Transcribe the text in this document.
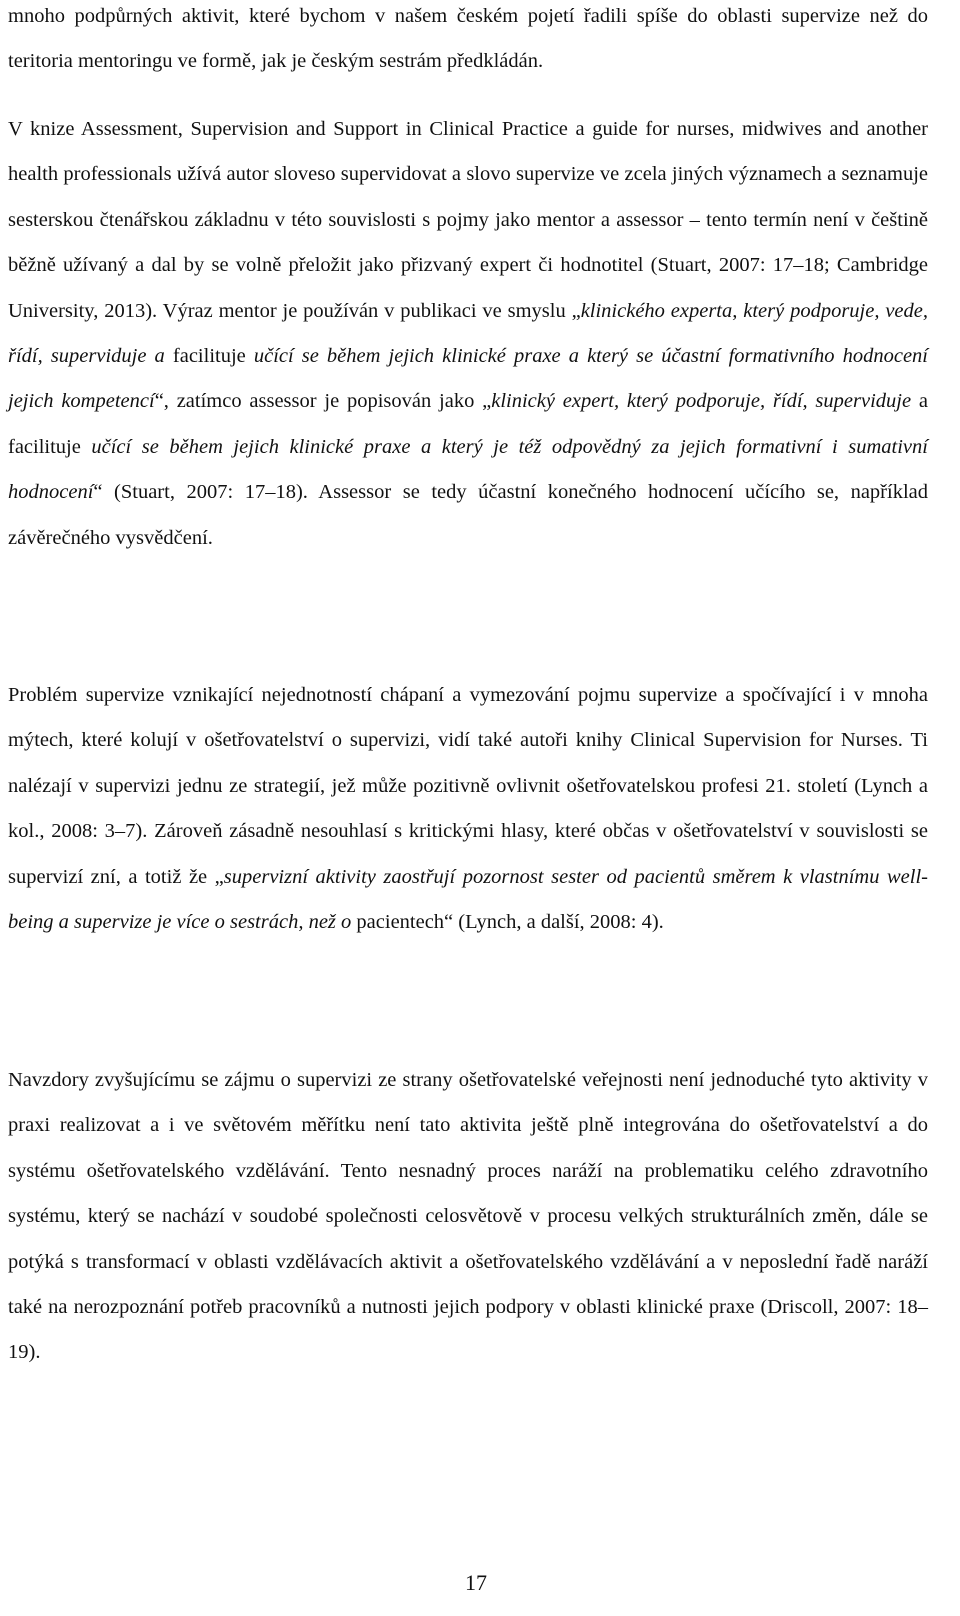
mnoho podpůrných aktivit, které bychom v našem českém pojetí řadili spíše do oblasti supervize než do teritoria mentoringu ve formě, jak je českým sestrám předkládán.

V knize Assessment, Supervision and Support in Clinical Practice a guide for nurses, midwives and another health professionals užívá autor sloveso supervidovat a slovo supervize ve zcela jiných významech a seznamuje sesterskou čtenářskou základnu v této souvislosti s pojmy jako mentor a assessor – tento termín není v češtině běžně užívaný a dal by se volně přeložit jako přizvaný expert či hodnotitel (Stuart, 2007: 17–18; Cambridge University, 2013). Výraz mentor je používán v publikaci ve smyslu „klinického experta, který podporuje, vede, řídí, superviduje a facilituje učící se během jejich klinické praxe a který se účastní formativního hodnocení jejich kompetencí“, zatímco assessor je popisován jako „klinický expert, který podporuje, řídí, superviduje a facilituje učící se během jejich klinické praxe a který je též odpovědný za jejich formativní i sumativní hodnocení“ (Stuart, 2007: 17–18). Assessor se tedy účastní konečného hodnocení učícího se, například závěrečného vysvědčení.

Problém supervize vznikající nejednotností chápaní a vymezování pojmu supervize a spočívající i v mnoha mýtech, které kolují v ošetřovatelství o supervizi, vidí také autoři knihy Clinical Supervision for Nurses. Ti nalézají v supervizi jednu ze strategií, jež může pozitivně ovlivnit ošetřovatelskou profesi 21. století (Lynch a kol., 2008: 3–7). Zároveň zásadně nesouhlasí s kritickými hlasy, které občas v ošetřovatelství v souvislosti se supervizí zní, a totiž že „supervizní aktivity zaostřují pozornost sester od pacientů směrem k vlastnímu well-being a supervize je více o sestrách, než o pacientech“ (Lynch, a další, 2008: 4).

Navzdory zvyšujícímu se zájmu o supervizi ze strany ošetřovatelské veřejnosti není jednoduché tyto aktivity v praxi realizovat a i ve světovém měřítku není tato aktivita ještě plně integrována do ošetřovatelství a do systému ošetřovatelského vzdělávání. Tento nesnadný proces naráží na problematiku celého zdravotního systému, který se nachází v soudobé společnosti celosvětově v procesu velkých strukturálních změn, dále se potýká s transformací v oblasti vzdělávacích aktivit a ošetřovatelského vzdělávání a v neposlední řadě naráží také na nerozpoznání potřeb pracovníků a nutnosti jejich podpory v oblasti klinické praxe (Driscoll, 2007: 18–19).

17
